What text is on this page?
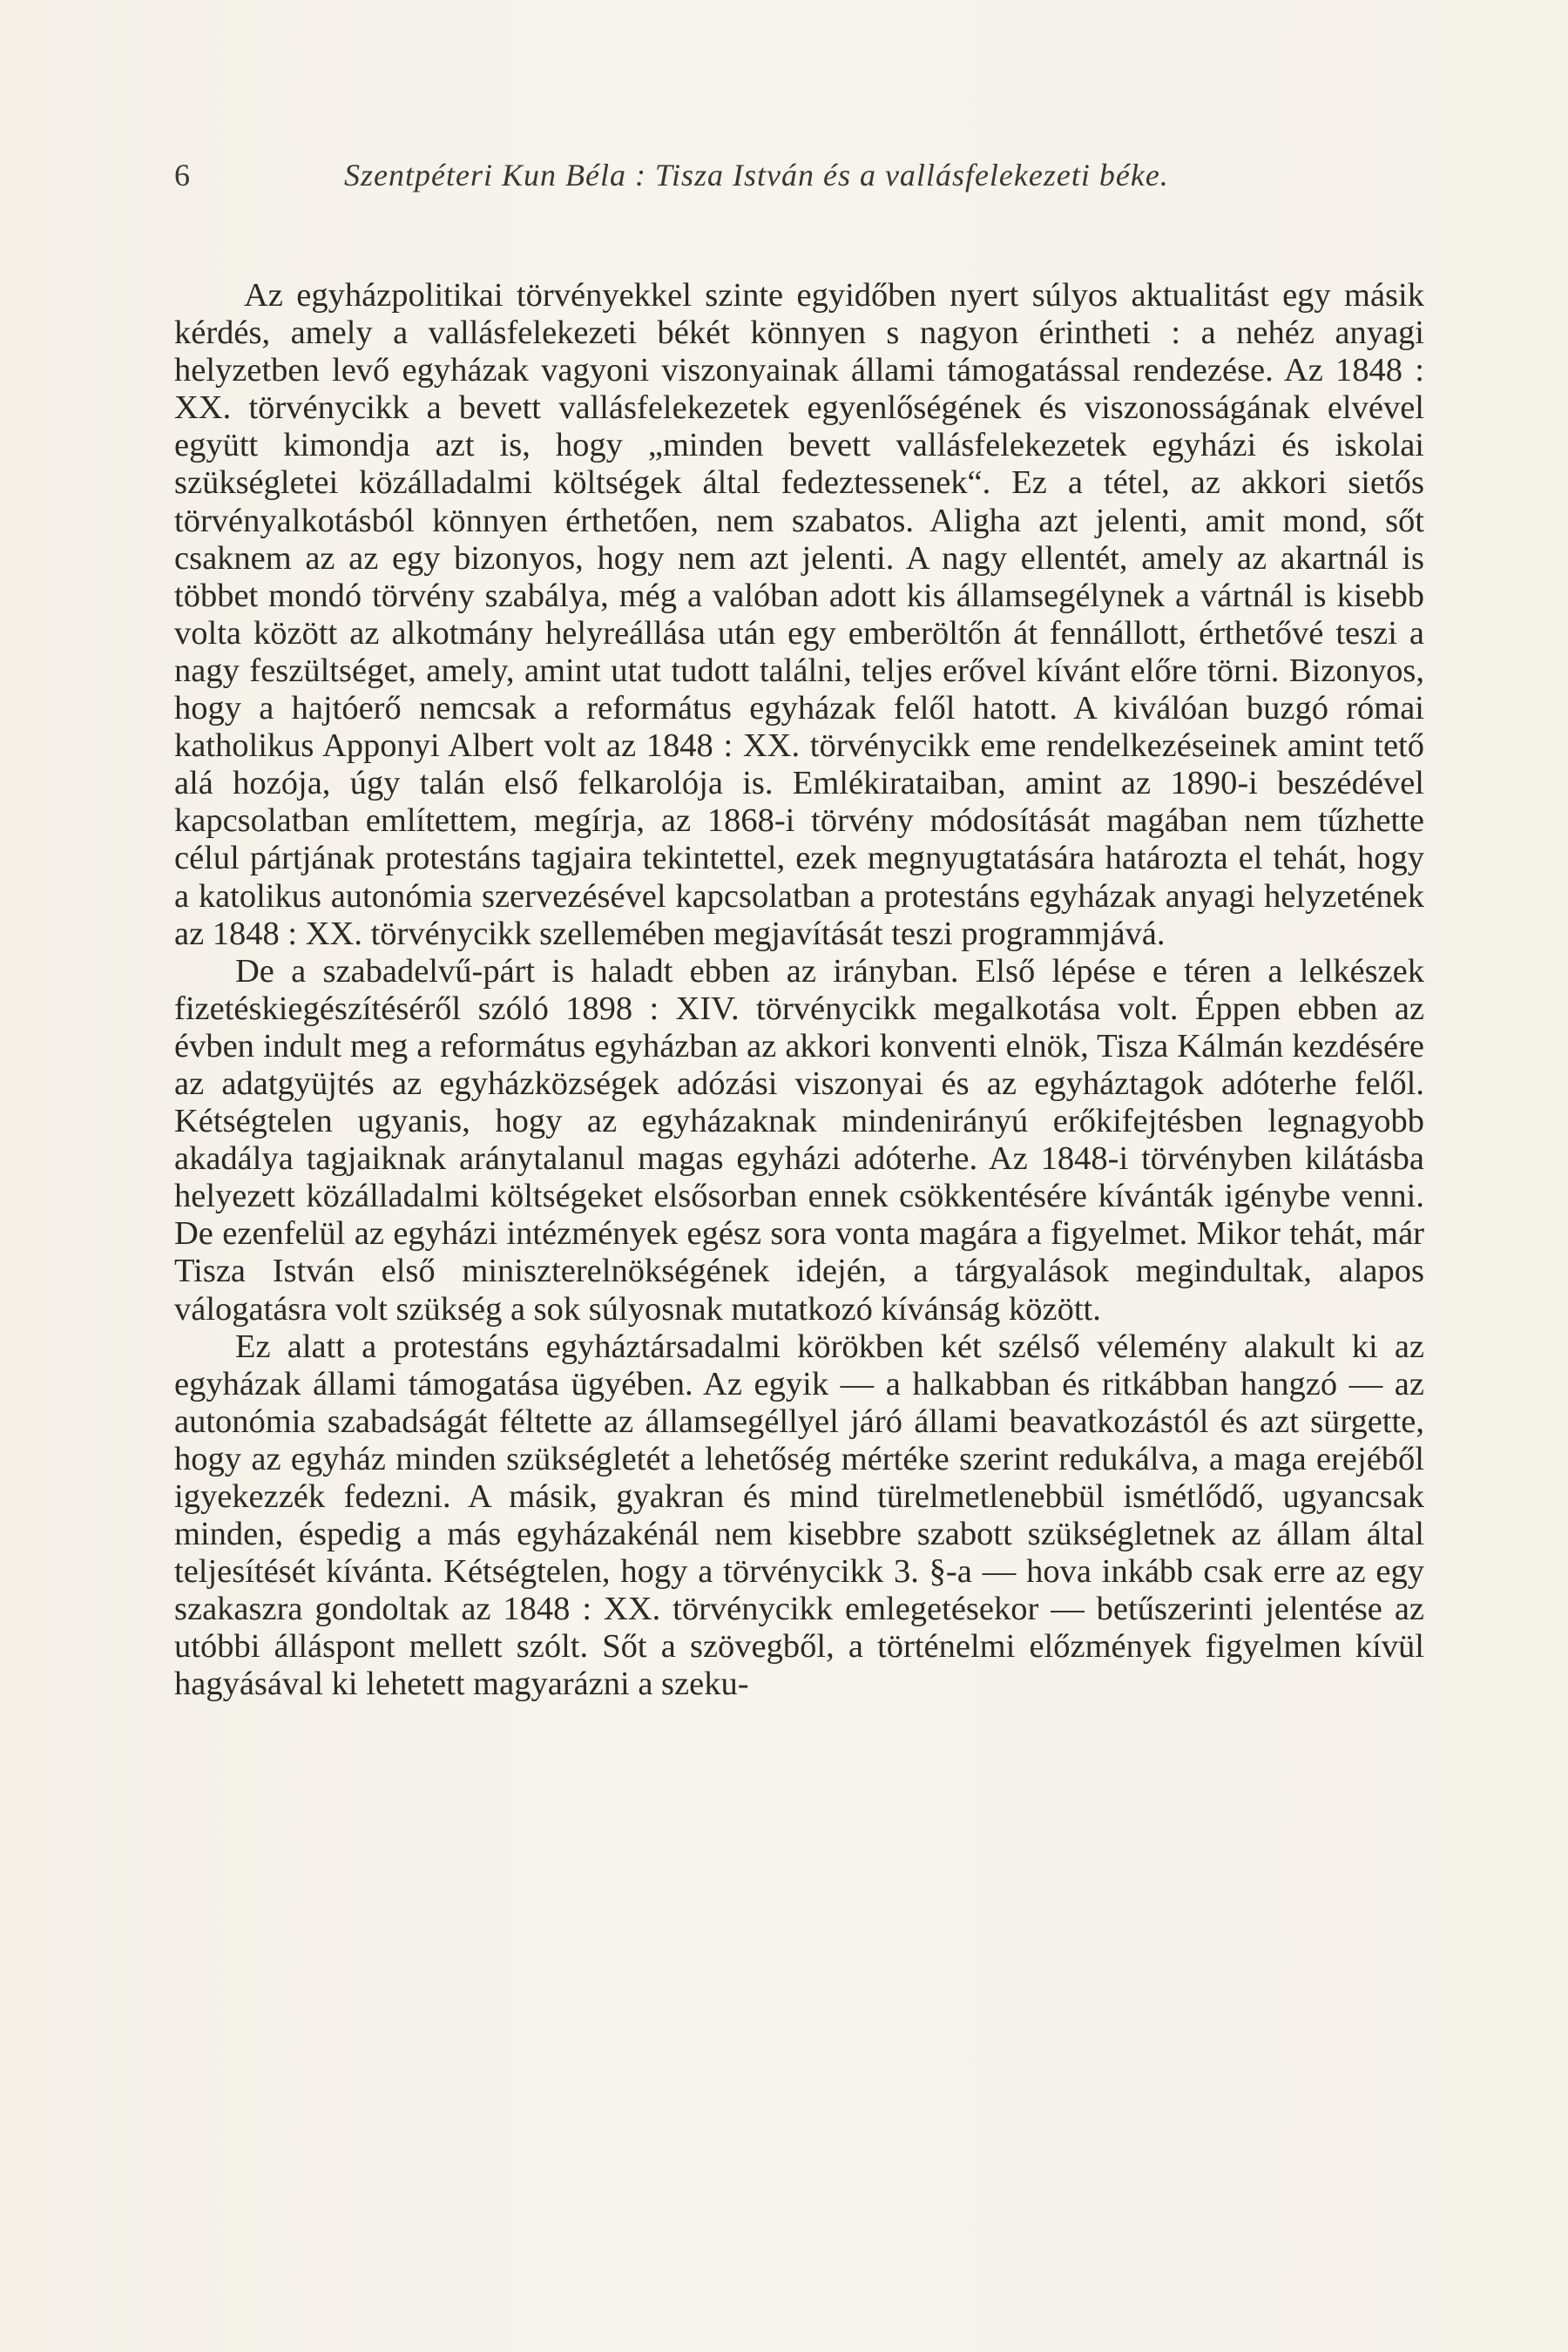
6	Szentpéteri Kun Béla : Tisza István és a vallásfelekezeti béke.

Az egyházpolitikai törvényekkel szinte egyidőben nyert súlyos aktualitást egy másik kérdés, amely a vallásfelekezeti békét könnyen s nagyon érintheti : a nehéz anyagi helyzetben levő egyházak vagyoni viszonyainak állami támogatással rendezése. Az 1848 : XX. törvénycikk a bevett vallásfelekezetek egyenlőségének és viszonosságának elvével együtt kimondja azt is, hogy „minden bevett vallásfelekezetek egyházi és iskolai szükségletei közálladalmi költségek által fedeztessenek“. Ez a tétel, az akkori sietős törvényalkotásból könnyen érthetően, nem szabatos. Aligha azt jelenti, amit mond, sőt csaknem az az egy bizonyos, hogy nem azt jelenti. A nagy ellentét, amely az akartnál is többet mondó törvény szabálya, még a valóban adott kis államsegélynek a vártnál is kisebb volta között az alkotmány helyreállása után egy emberöltőn át fennállott, érthetővé teszi a nagy feszültséget, amely, amint utat tudott találni, teljes erővel kívánt előre törni. Bizonyos, hogy a hajtóerő nemcsak a református egyházak felől hatott. A kiválóan buzgó római katholikus Apponyi Albert volt az 1848 : XX. törvénycikk eme rendelkezéseinek amint tető alá hozója, úgy talán első felkarolója is. Emlékirataiban, amint az 1890-i beszédével kapcsolatban említettem, megírja, az 1868-i törvény módosítását magában nem tűzhette célul pártjának protestáns tagjaira tekintettel, ezek megnyugtatására határozta el tehát, hogy a katolikus autonómia szervezésével kapcsolatban a protestáns egyházak anyagi helyzetének az 1848 : XX. törvénycikk szellemében megjavítását teszi programmjává.

De a szabadelvű-párt is haladt ebben az irányban. Első lépése e téren a lelkészek fizetéskiegészítéséről szóló 1898 : XIV. törvénycikk megalkotása volt. Éppen ebben az évben indult meg a református egyházban az akkori konventi elnök, Tisza Kálmán kezdésére az adatgyüjtés az egyházközségek adózási viszonyai és az egyháztagok adóterhe felől. Kétségtelen ugyanis, hogy az egyházaknak mindenirányú erőkifejtésben legnagyobb akadálya tagjaiknak aránytalanul magas egyházi adóterhe. Az 1848-i törvényben kilátásba helyezett közálladalmi költségeket elsősorban ennek csökkentésére kívánták igénybe venni. De ezenfelül az egyházi intézmények egész sora vonta magára a figyelmet. Mikor tehát, már Tisza István első miniszterelnökségének idején, a tárgyalások megindultak, alapos válogatásra volt szükség a sok súlyosnak mutatkozó kívánság között.

Ez alatt a protestáns egyháztársadalmi körökben két szélső vélemény alakult ki az egyházak állami támogatása ügyében. Az egyik — a halkabban és ritkábban hangzó — az autonómia szabadságát féltette az államsegéllyel járó állami beavatkozástól és azt sürgette, hogy az egyház minden szükségletét a lehetőség mértéke szerint redukálva, a maga erejéből igyekezzék fedezni. A másik, gyakran és mind türelmetlenebbül ismétlődő, ugyancsak minden, éspedig a más egyházakénál nem kisebbre szabott szükségletnek az állam által teljesítését kívánta. Kétségtelen, hogy a törvénycikk 3. §-a — hova inkább csak erre az egy szakaszra gondoltak az 1848 : XX. törvénycikk emlegetésekor — betűszerinti jelentése az utóbbi álláspont mellett szólt. Sőt a szövegből, a történelmi előzmények figyelmen kívül hagyásával ki lehetett magyarázni a szeku-
